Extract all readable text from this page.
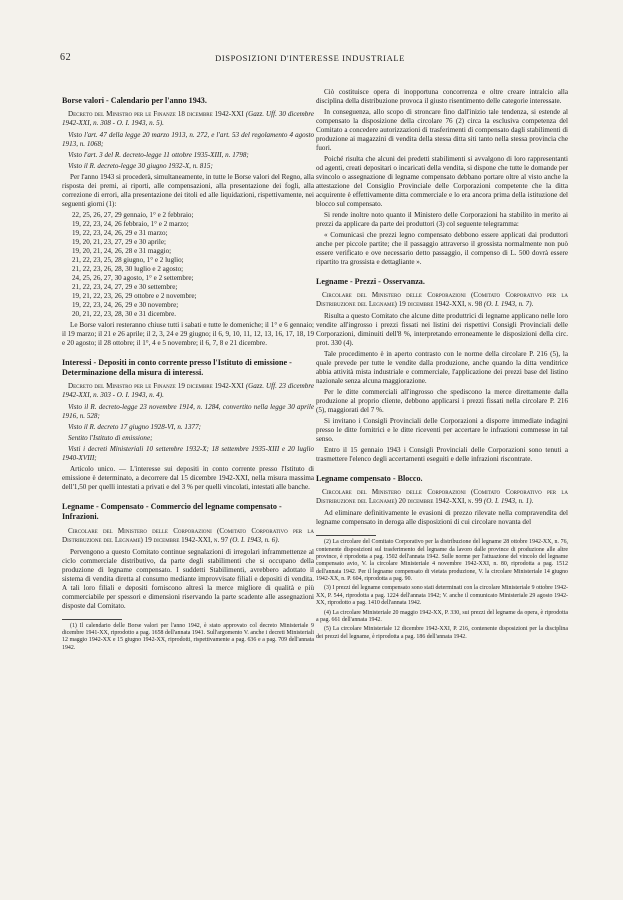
62	DISPOSIZIONI D'INTERESSE INDUSTRIALE
Borse valori - Calendario per l'anno 1943.
Decreto del Ministro per le Finanze 18 dicembre 1942-XXI (Gazz. Uff. 30 dicembre 1942-XXI, n. 308 - O. I. 1943, n. 5).
Visto l'art. 47 della legge 20 marzo 1913, n. 272, e l'art. 53 del regolamento 4 agosto 1913, n. 1068;
Visto l'art. 3 del R. decreto-legge 11 ottobre 1935-XIII, n. 1798;
Visto il R. decreto-legge 30 giugno 1932-X, n. 815;

Per l'anno 1943 si procederà, simultaneamente, in tutte le Borse valori del Regno, alla risposta dei premi, ai riporti, alle compensazioni, alla presentazione dei fogli, alla correzione di errori, alla presentazione dei titoli ed alle liquidazioni, rispettivamente, nei seguenti giorni (1):

22, 25, 26, 27, 29 gennaio, 1° e 2 febbraio;
19, 22, 23, 24, 26 febbraio, 1° e 2 marzo;
19, 22, 23, 24, 26, 29 e 31 marzo;
19, 20, 21, 23, 27, 29 e 30 aprile;
19, 20, 21, 24, 26, 28 e 31 maggio;
21, 22, 23, 25, 28 giugno, 1° e 2 luglio;
21, 22, 23, 26, 28, 30 luglio e 2 agosto;
24, 25, 26, 27, 30 agosto, 1° e 2 settembre;
21, 22, 23, 24, 27, 29 e 30 settembre;
19, 21, 22, 23, 26, 29 ottobre e 2 novembre;
19, 22, 23, 24, 26, 29 e 30 novembre;
20, 21, 22, 23, 28, 30 e 31 dicembre.

Le Borse valori resteranno chiuse tutti i sabati e tutte le domeniche; il 1° e 6 gennaio; il 19 marzo; il 21 e 26 aprile; il 2, 3, 24 e 29 giugno; il 6, 9, 10, 11, 12, 13, 16, 17, 18, 19 e 20 agosto; il 28 ottobre; il 1°, 4 e 5 novembre; il 6, 7, 8 e 21 dicembre.

Interessi - Depositi in conto corrente presso l'Istituto di emissione - Determinazione della misura di interessi.
Decreto del Ministro per le Finanze 19 dicembre 1942-XXI (Gazz. Uff. 23 dicembre 1942-XXI, n. 303 - O. I. 1943, n. 4).
Visto il R. decreto-legge 23 novembre 1914, n. 1284, convertito nella legge 30 aprile 1916, n. 528;
Visto il R. decreto 17 giugno 1928-VI, n. 1377;
Sentito l'Istituto di emissione;
Visti i decreti Ministeriali 10 settembre 1932-X; 18 settembre 1935-XIII e 20 luglio 1940-XVIII;

Articolo unico. — L'interesse sui depositi in conto corrente presso l'Istituto di emissione è determinato, a decorrere dal 15 dicembre 1942-XXI, nella misura massima dell'1,50 per quelli intestati a privati e del 3 % per quelli vincolati, intestati alle banche.

Legname - Compensato - Commercio del legname compensato - Infrazioni.
Circolare del Ministero delle Corporazioni (Comitato Corporativo per la Distribuzione del Legname) 19 dicembre 1942-XXI, n. 97 (O. I. 1943, n. 6).

Pervengono a questo Comitato continue segnalazioni di irregolari inframmettenze al ciclo commerciale distributivo, da parte degli stabilimenti che si occupano della produzione di legname compensato. I suddetti Stabilimenti, avrebbero adottato il sistema di vendita diretta al consumo mediante improvvisate filiali e depositi di vendita. A tali loro filiali e depositi forniscono altresì la merce migliore di qualità e più commerciabile per spessori e dimensioni riservando la parte scadente alle assegnazioni disposte dal Comitato.

(1) Il calendario delle Borse valori per l'anno 1942, è stato approvato col decreto Ministeriale 9 dicembre 1941-XX, riprodotto a pag. 1658 dell'annata 1941. Sull'argomento V. anche i decreti Ministeriali 12 maggio 1942-XX e 15 giugno 1942-XX, riprodotti, rispettivamente a pag. 636 e a pag. 709 dell'annata 1942.

Ciò costituisce opera di inopportuna concorrenza e oltre creare intralcio alla disciplina della distribuzione provoca il giusto risentimento delle categorie interessate.

In conseguenza, allo scopo di stroncare fino dall'inizio tale tendenza, si estende al compensato la disposizione della circolare 76 (2) circa la esclusiva competenza del Comitato a concedere autorizzazioni di trasferimenti di compensato dagli stabilimenti di produzione ai magazzini di vendita della stessa ditta siti tanto nella stessa provincia che fuori.

Poiché risulta che alcuni dei predetti stabilimenti si avvalgono di loro rappresentanti od agenti, creati depositari o incaricati della vendita, si dispone che tutte le domande per svincolo o assegnazione di legname compensato debbano portare oltre al visto anche la attestazione del Consiglio Provinciale delle Corporazioni competente che la ditta acquirente è effettivamente ditta commerciale e lo era ancora prima della istituzione del blocco sul compensato.

Si rende inoltre noto quanto il Ministero delle Corporazioni ha stabilito in merito ai prezzi da applicare da parte dei produttori (3) col seguente telegramma:

« Comunicasi che prezzi legno compensato debbono essere applicati dai produttori anche per piccole partite; che il passaggio attraverso il grossista normalmente non può essere verificato e ove necessario detto passaggio, il compenso di L. 500 dovrà essere ripartito tra grossista e dettagliante ».

Legname - Prezzi - Osservanza.
Circolare del Ministero delle Corporazioni (Comitato Corporativo per la Distribuzione del Legname) 19 dicembre 1942-XXI, n. 98 (O. I. 1943, n. 7).

Risulta a questo Comitato che alcune ditte produttrici di legname applicano nelle loro vendite all'ingrosso i prezzi fissati nei listini dei rispettivi Consigli Provinciali delle Corporazioni, diminuiti dell'8 %, interpretando erroneamente le disposizioni della circ. prot. 330 (4).

Tale procedimento è in aperto contrasto con le norme della circolare P. 216 (5), la quale prevede per tutte le vendite dalla produzione, anche quando la ditta venditrice abbia attività mista industriale e commerciale, l'applicazione dei prezzi base del listino nazionale senza alcuna maggiorazione.

Per le ditte commerciali all'ingrosso che spediscono la merce direttamente dalla produzione al proprio cliente, debbono applicarsi i prezzi fissati nella circolare P. 216 (5), maggiorati del 7 %.

Si invitano i Consigli Provinciali delle Corporazioni a disporre immediate indagini presso le ditte fornitrici e le ditte riceventi per accertare le infrazioni commesse in tal senso.

Entro il 15 gennaio 1943 i Consigli Provinciali delle Corporazioni sono tenuti a trasmettere l'elenco degli accertamenti eseguiti e delle infrazioni riscontrate.

Legname compensato - Blocco.
Circolare del Ministero delle Corporazioni (Comitato Corporativo per la Distribuzione del Legname) 20 dicembre 1942-XXI, n. 99 (O. I. 1943, n. 1).

Ad eliminare definitivamente le evasioni di prezzo rilevate nella compravendita del legname compensato in deroga alle disposizioni di cui circolare novanta del

(2) La circolare del Comitato Corporativo per la distribuzione del legname 28 ottobre 1942-XX, n. 76, contenente disposizioni sul trasferimento del legname da lavoro dalle province di produzione alle altre province, è riprodotta a pag. 1502 dell'annata 1942. Sulle norme per l'attuazione del vincolo del legname compensato avio, V. la circolare Ministeriale 4 novembre 1942-XXI, n. 80, riprodotta a pag. 1512 dell'annata 1942. Per il legname compensato di vietata produzione, V. la circolare Ministeriale 14 giugno 1942-XX, n. P. 604, riprodotta a pag. 90.

(3) I prezzi del legname compensato sono stati determinati con la circolare Ministeriale 9 ottobre 1942-XX, P. 544, riprodotta a pag. 1224 dell'annata 1942; V. anche il comunicato Ministeriale 29 agosto 1942-XX, riprodotto a pag. 1410 dell'annata 1942.

(4) La circolare Ministeriale 20 maggio 1942-XX, P. 330, sui prezzi del legname da opera, è riprodotta a pag. 661 dell'annata 1942.

(5) La circolare Ministeriale 12 dicembre 1942-XXI, P. 216, contenente disposizioni per la disciplina dei prezzi del legname, è riprodotta a pag. 186 dell'annata 1942.
